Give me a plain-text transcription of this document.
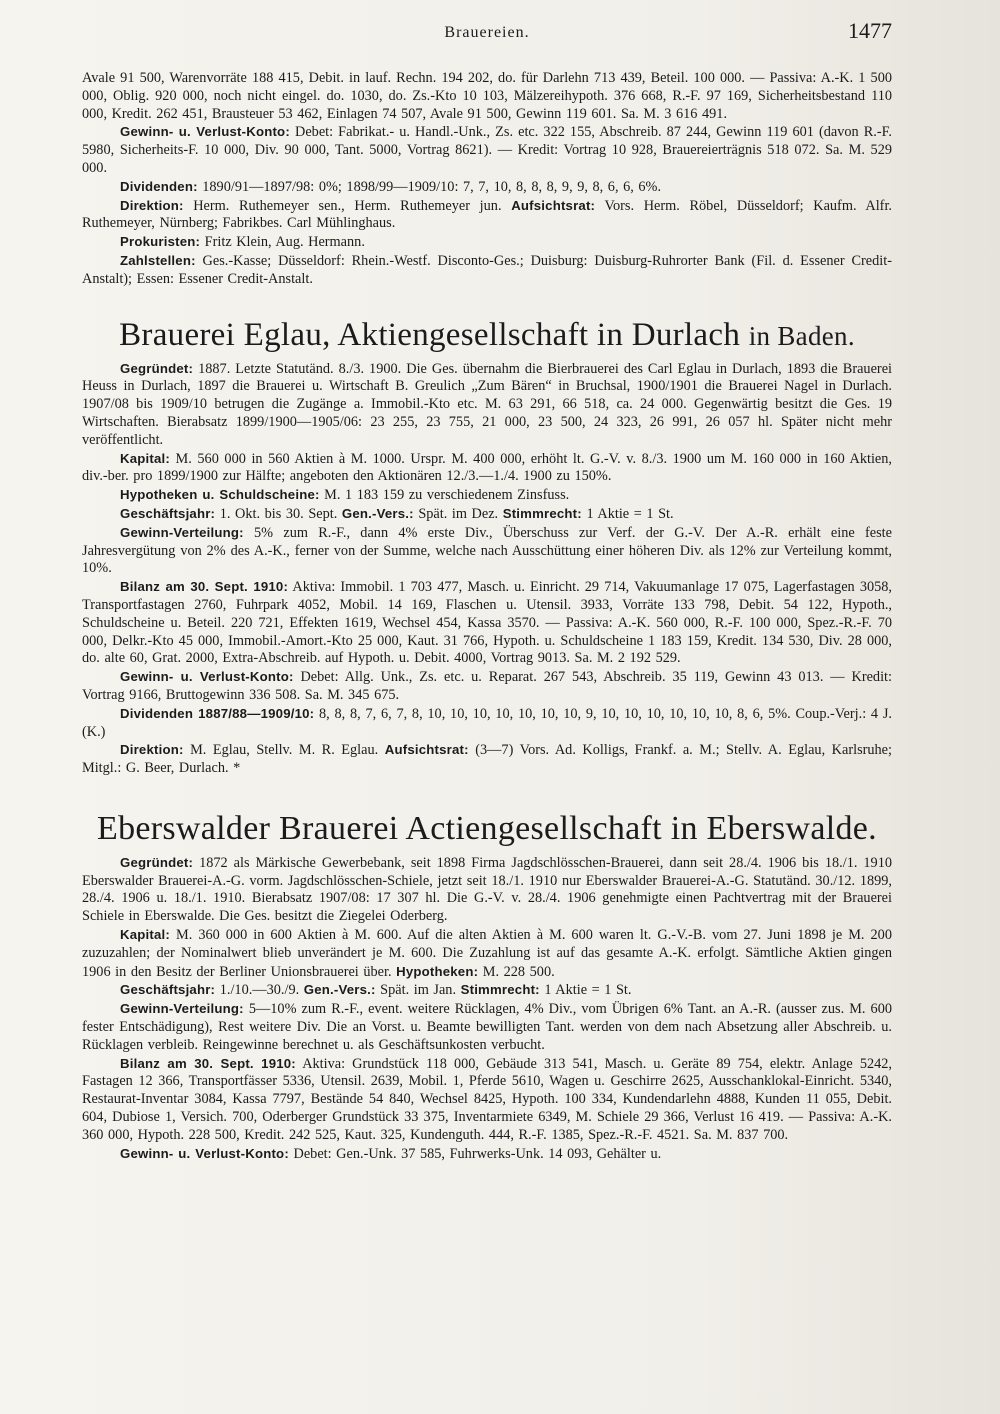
Brauereien.	1477

Avale 91 500, Warenvorräte 188 415, Debit. in lauf. Rechn. 194 202, do. für Darlehn 713 439, Beteil. 100 000. — Passiva: A.-K. 1 500 000, Oblig. 920 000, noch nicht eingel. do. 1030, do. Zs.-Kto 10 103, Mälzereihypoth. 376 668, R.-F. 97 169, Sicherheitsbestand 110 000, Kredit. 262 451, Brausteuer 53 462, Einlagen 74 507, Avale 91 500, Gewinn 119 601. Sa. M. 3 616 491.

Gewinn- u. Verlust-Konto: Debet: Fabrikat.- u. Handl.-Unk., Zs. etc. 322 155, Abschreib. 87 244, Gewinn 119 601 (davon R.-F. 5980, Sicherheits-F. 10 000, Div. 90 000, Tant. 5000, Vortrag 8621). — Kredit: Vortrag 10 928, Brauereierträgnis 518 072. Sa. M. 529 000.

Dividenden: 1890/91—1897/98: 0%; 1898/99—1909/10: 7, 7, 10, 8, 8, 8, 9, 9, 8, 6, 6, 6%.

Direktion: Herm. Ruthemeyer sen., Herm. Ruthemeyer jun. Aufsichtsrat: Vors. Herm. Röbel, Düsseldorf; Kaufm. Alfr. Ruthemeyer, Nürnberg; Fabrikbes. Carl Mühlinghaus.

Prokuristen: Fritz Klein, Aug. Hermann.

Zahlstellen: Ges.-Kasse; Düsseldorf: Rhein.-Westf. Disconto-Ges.; Duisburg: Duisburg-Ruhrorter Bank (Fil. d. Essener Credit-Anstalt); Essen: Essener Credit-Anstalt.

Brauerei Eglau, Aktiengesellschaft in Durlach in Baden.

Gegründet: 1887. Letzte Statutänd. 8./3. 1900. Die Ges. übernahm die Bierbrauerei des Carl Eglau in Durlach, 1893 die Brauerei Heuss in Durlach, 1897 die Brauerei u. Wirtschaft B. Greulich „Zum Bären“ in Bruchsal, 1900/1901 die Brauerei Nagel in Durlach. 1907/08 bis 1909/10 betrugen die Zugänge a. Immobil.-Kto etc. M. 63 291, 66 518, ca. 24 000. Gegenwärtig besitzt die Ges. 19 Wirtschaften. Bierabsatz 1899/1900—1905/06: 23 255, 23 755, 21 000, 23 500, 24 323, 26 991, 26 057 hl. Später nicht mehr veröffentlicht.

Kapital: M. 560 000 in 560 Aktien à M. 1000. Urspr. M. 400 000, erhöht lt. G.-V. v. 8./3. 1900 um M. 160 000 in 160 Aktien, div.-ber. pro 1899/1900 zur Hälfte; angeboten den Aktionären 12./3.—1./4. 1900 zu 150%.

Hypotheken u. Schuldscheine: M. 1 183 159 zu verschiedenem Zinsfuss.

Geschäftsjahr: 1. Okt. bis 30. Sept. Gen.-Vers.: Spät. im Dez. Stimmrecht: 1 Aktie = 1 St.

Gewinn-Verteilung: 5% zum R.-F., dann 4% erste Div., Überschuss zur Verf. der G.-V. Der A.-R. erhält eine feste Jahresvergütung von 2% des A.-K., ferner von der Summe, welche nach Ausschüttung einer höheren Div. als 12% zur Verteilung kommt, 10%.

Bilanz am 30. Sept. 1910: Aktiva: Immobil. 1 703 477, Masch. u. Einricht. 29 714, Vakuumanlage 17 075, Lagerfastagen 3058, Transportfastagen 2760, Fuhrpark 4052, Mobil. 14 169, Flaschen u. Utensil. 3933, Vorräte 133 798, Debit. 54 122, Hypoth., Schuldscheine u. Beteil. 220 721, Effekten 1619, Wechsel 454, Kassa 3570. — Passiva: A.-K. 560 000, R.-F. 100 000, Spez.-R.-F. 70 000, Delkr.-Kto 45 000, Immobil.-Amort.-Kto 25 000, Kaut. 31 766, Hypoth. u. Schuldscheine 1 183 159, Kredit. 134 530, Div. 28 000, do. alte 60, Grat. 2000, Extra-Abschreib. auf Hypoth. u. Debit. 4000, Vortrag 9013. Sa. M. 2 192 529.

Gewinn- u. Verlust-Konto: Debet: Allg. Unk., Zs. etc. u. Reparat. 267 543, Abschreib. 35 119, Gewinn 43 013. — Kredit: Vortrag 9166, Bruttogewinn 336 508. Sa. M. 345 675.

Dividenden 1887/88—1909/10: 8, 8, 8, 7, 6, 7, 8, 10, 10, 10, 10, 10, 10, 10, 9, 10, 10, 10, 10, 10, 10, 8, 6, 5%. Coup.-Verj.: 4 J. (K.)

Direktion: M. Eglau, Stellv. M. R. Eglau. Aufsichtsrat: (3—7) Vors. Ad. Kolligs, Frankf. a. M.; Stellv. A. Eglau, Karlsruhe; Mitgl.: G. Beer, Durlach. *

Eberswalder Brauerei Actiengesellschaft in Eberswalde.

Gegründet: 1872 als Märkische Gewerbebank, seit 1898 Firma Jagdschlösschen-Brauerei, dann seit 28./4. 1906 bis 18./1. 1910 Eberswalder Brauerei-A.-G. vorm. Jagdschlösschen-Schiele, jetzt seit 18./1. 1910 nur Eberswalder Brauerei-A.-G. Statutänd. 30./12. 1899, 28./4. 1906 u. 18./1. 1910. Bierabsatz 1907/08: 17 307 hl. Die G.-V. v. 28./4. 1906 genehmigte einen Pachtvertrag mit der Brauerei Schiele in Eberswalde. Die Ges. besitzt die Ziegelei Oderberg.

Kapital: M. 360 000 in 600 Aktien à M. 600. Auf die alten Aktien à M. 600 waren lt. G.-V.-B. vom 27. Juni 1898 je M. 200 zuzuzahlen; der Nominalwert blieb unverändert je M. 600. Die Zuzahlung ist auf das gesamte A.-K. erfolgt. Sämtliche Aktien gingen 1906 in den Besitz der Berliner Unionsbrauerei über. Hypotheken: M. 228 500.

Geschäftsjahr: 1./10.—30./9. Gen.-Vers.: Spät. im Jan. Stimmrecht: 1 Aktie = 1 St.

Gewinn-Verteilung: 5—10% zum R.-F., event. weitere Rücklagen, 4% Div., vom Übrigen 6% Tant. an A.-R. (ausser zus. M. 600 fester Entschädigung), Rest weitere Div. Die an Vorst. u. Beamte bewilligten Tant. werden von dem nach Absetzung aller Abschreib. u. Rücklagen verbleib. Reingewinne berechnet u. als Geschäftsunkosten verbucht.

Bilanz am 30. Sept. 1910: Aktiva: Grundstück 118 000, Gebäude 313 541, Masch. u. Geräte 89 754, elektr. Anlage 5242, Fastagen 12 366, Transportfässer 5336, Utensil. 2639, Mobil. 1, Pferde 5610, Wagen u. Geschirre 2625, Ausschanklokal-Einricht. 5340, Restaurat-Inventar 3084, Kassa 7797, Bestände 54 840, Wechsel 8425, Hypoth. 100 334, Kundendarlehn 4888, Kunden 11 055, Debit. 604, Dubiose 1, Versich. 700, Oderberger Grundstück 33 375, Inventarmiete 6349, M. Schiele 29 366, Verlust 16 419. — Passiva: A.-K. 360 000, Hypoth. 228 500, Kredit. 242 525, Kaut. 325, Kundenguth. 444, R.-F. 1385, Spez.-R.-F. 4521. Sa. M. 837 700.

Gewinn- u. Verlust-Konto: Debet: Gen.-Unk. 37 585, Fuhrwerks-Unk. 14 093, Gehälter u.
